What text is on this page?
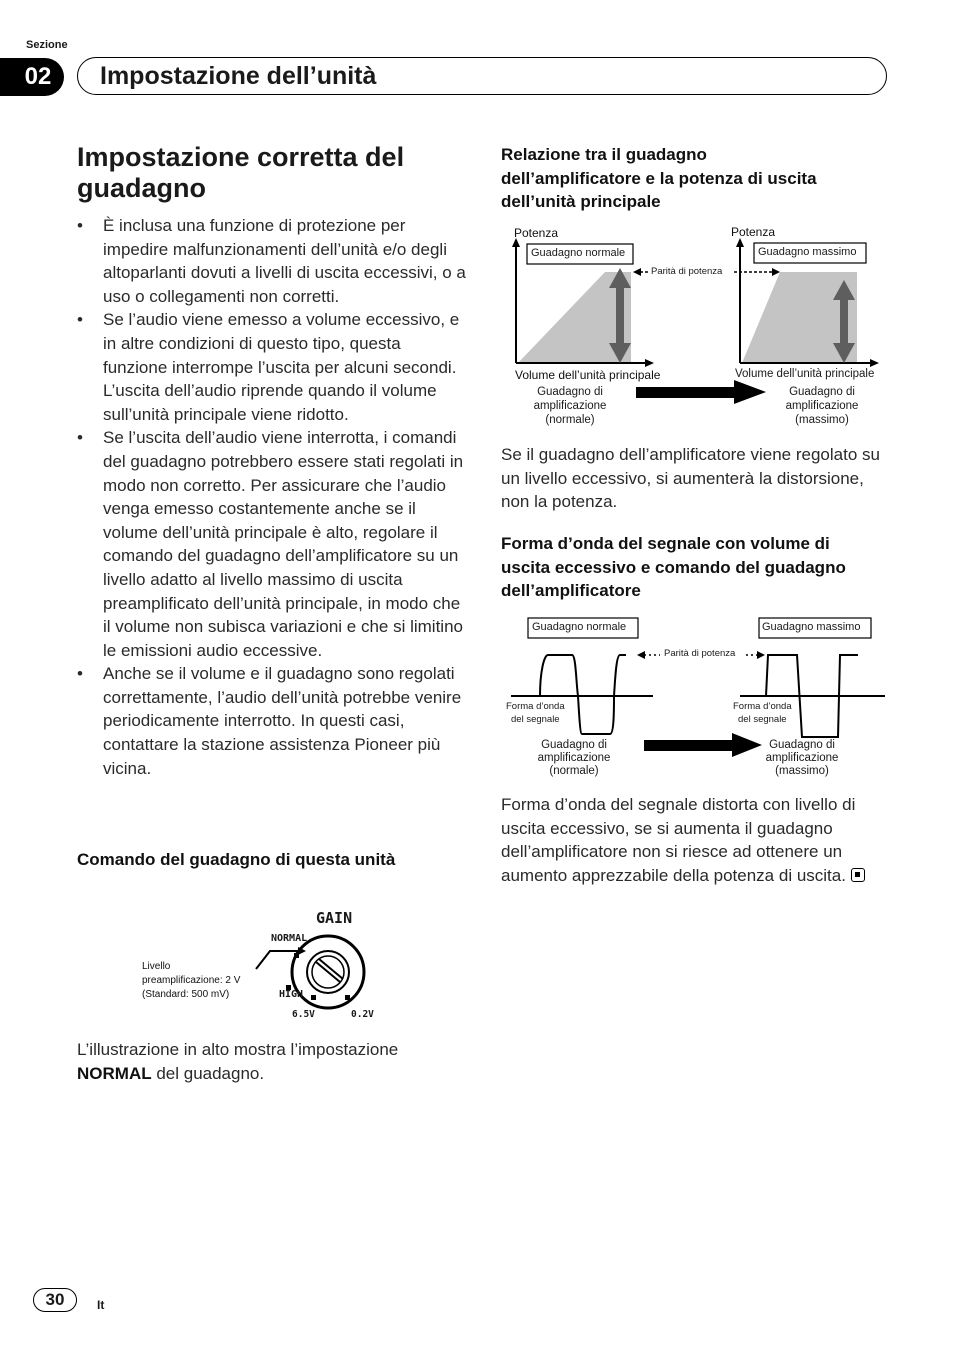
Sezione
02	Impostazione dell’unità
Impostazione corretta del guadagno
• È inclusa una funzione di protezione per impedire malfunzionamenti dell’unità e/o degli altoparlanti dovuti a livelli di uscita eccessivi, o a uso o collegamenti non corretti.
• Se l’audio viene emesso a volume eccessivo, e in altre condizioni di questo tipo, questa funzione interrompe l’uscita per alcuni secondi. L’uscita dell’audio riprende quando il volume sull’unità principale viene ridotto.
• Se l’uscita dell’audio viene interrotta, i comandi del guadagno potrebbero essere stati regolati in modo non corretto. Per assicurare che l’audio venga emesso costantemente anche se il volume dell’unità principale è alto, regolare il comando del guadagno dell’amplificatore su un livello adatto al livello massimo di uscita preamplificato dell’unità principale, in modo che il volume non subisca variazioni e che si limitino le emissioni audio eccessive.
• Anche se il volume e il guadagno sono regolati correttamente, l’audio dell’unità potrebbe venire periodicamente interrotto. In questi casi, contattare la stazione assistenza Pioneer più vicina.
Comando del guadagno di questa unità
GAIN
NORMAL
HIGH
6.5V	0.2V
Livello
preamplificazione: 2 V
(Standard: 500 mV)
L’illustrazione in alto mostra l’impostazione NORMAL del guadagno.
Relazione tra il guadagno dell’amplificatore e la potenza di uscita dell’unità principale
Potenza	Potenza
Guadagno normale	Guadagno massimo
Parità di potenza
Volume dell’unità principale	Volume dell’unità principale
Guadagno di
amplificazione
(normale)
Guadagno di
amplificazione
(massimo)
Se il guadagno dell’amplificatore viene regolato su un livello eccessivo, si aumenterà la distorsione, non la potenza.
Forma d’onda del segnale con volume di uscita eccessivo e comando del guadagno dell’amplificatore
Guadagno normale	Guadagno massimo
Parità di potenza
Forma d’onda
del segnale
Forma d’onda
del segnale
Guadagno di
amplificazione
(normale)
Guadagno di
amplificazione
(massimo)
Forma d’onda del segnale distorta con livello di uscita eccessivo, se si aumenta il guadagno dell’amplificatore non si riesce ad ottenere un aumento apprezzabile della potenza di uscita.
30	It
